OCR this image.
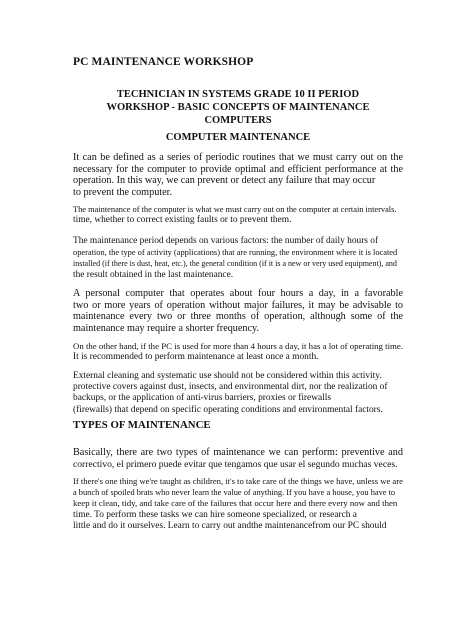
PC MAINTENANCE WORKSHOP
TECHNICIAN IN SYSTEMS GRADE 10 II PERIOD
WORKSHOP - BASIC CONCEPTS OF MAINTENANCE
COMPUTERS
COMPUTER MAINTENANCE
It can be defined as a series of periodic routines that we must carry out on the
necessary for the computer to provide optimal and efficient performance at the
operation. In this way, we can prevent or detect any failure that may occur
to prevent the computer.
The maintenance of the computer is what we must carry out on the computer at certain intervals.
time, whether to correct existing faults or to prevent them.
The maintenance period depends on various factors: the number of daily hours of
operation, the type of activity (applications) that are running, the environment where it is located
installed (if there is dust, heat, etc.), the general condition (if it is a new or very used equipment), and
the result obtained in the last maintenance.
A personal computer that operates about four hours a day, in a favorable
two or more years of operation without major failures, it may be advisable to
maintenance every two or three months of operation, although some of the
maintenance may require a shorter frequency.
On the other hand, if the PC is used for more than 4 hours a day, it has a lot of operating time.
It is recommended to perform maintenance at least once a month.
External cleaning and systematic use should not be considered within this activity.
protective covers against dust, insects, and environmental dirt, nor the realization of
backups, or the application of anti-virus barriers, proxies or firewalls
(firewalls) that depend on specific operating conditions and environmental factors.
TYPES OF MAINTENANCE
Basically, there are two types of maintenance we can perform: preventive and
correctivo, el primero puede evitar que tengamos que usar el segundo muchas veces.
If there's one thing we're taught as children, it's to take care of the things we have, unless we are
a bunch of spoiled brats who never learn the value of anything. If you have a house, you have to
keep it clean, tidy, and take care of the failures that occur here and there every now and then
time. To perform these tasks we can hire someone specialized, or research a
little and do it ourselves. Learn to carry out andthe maintenancefrom our PC should
